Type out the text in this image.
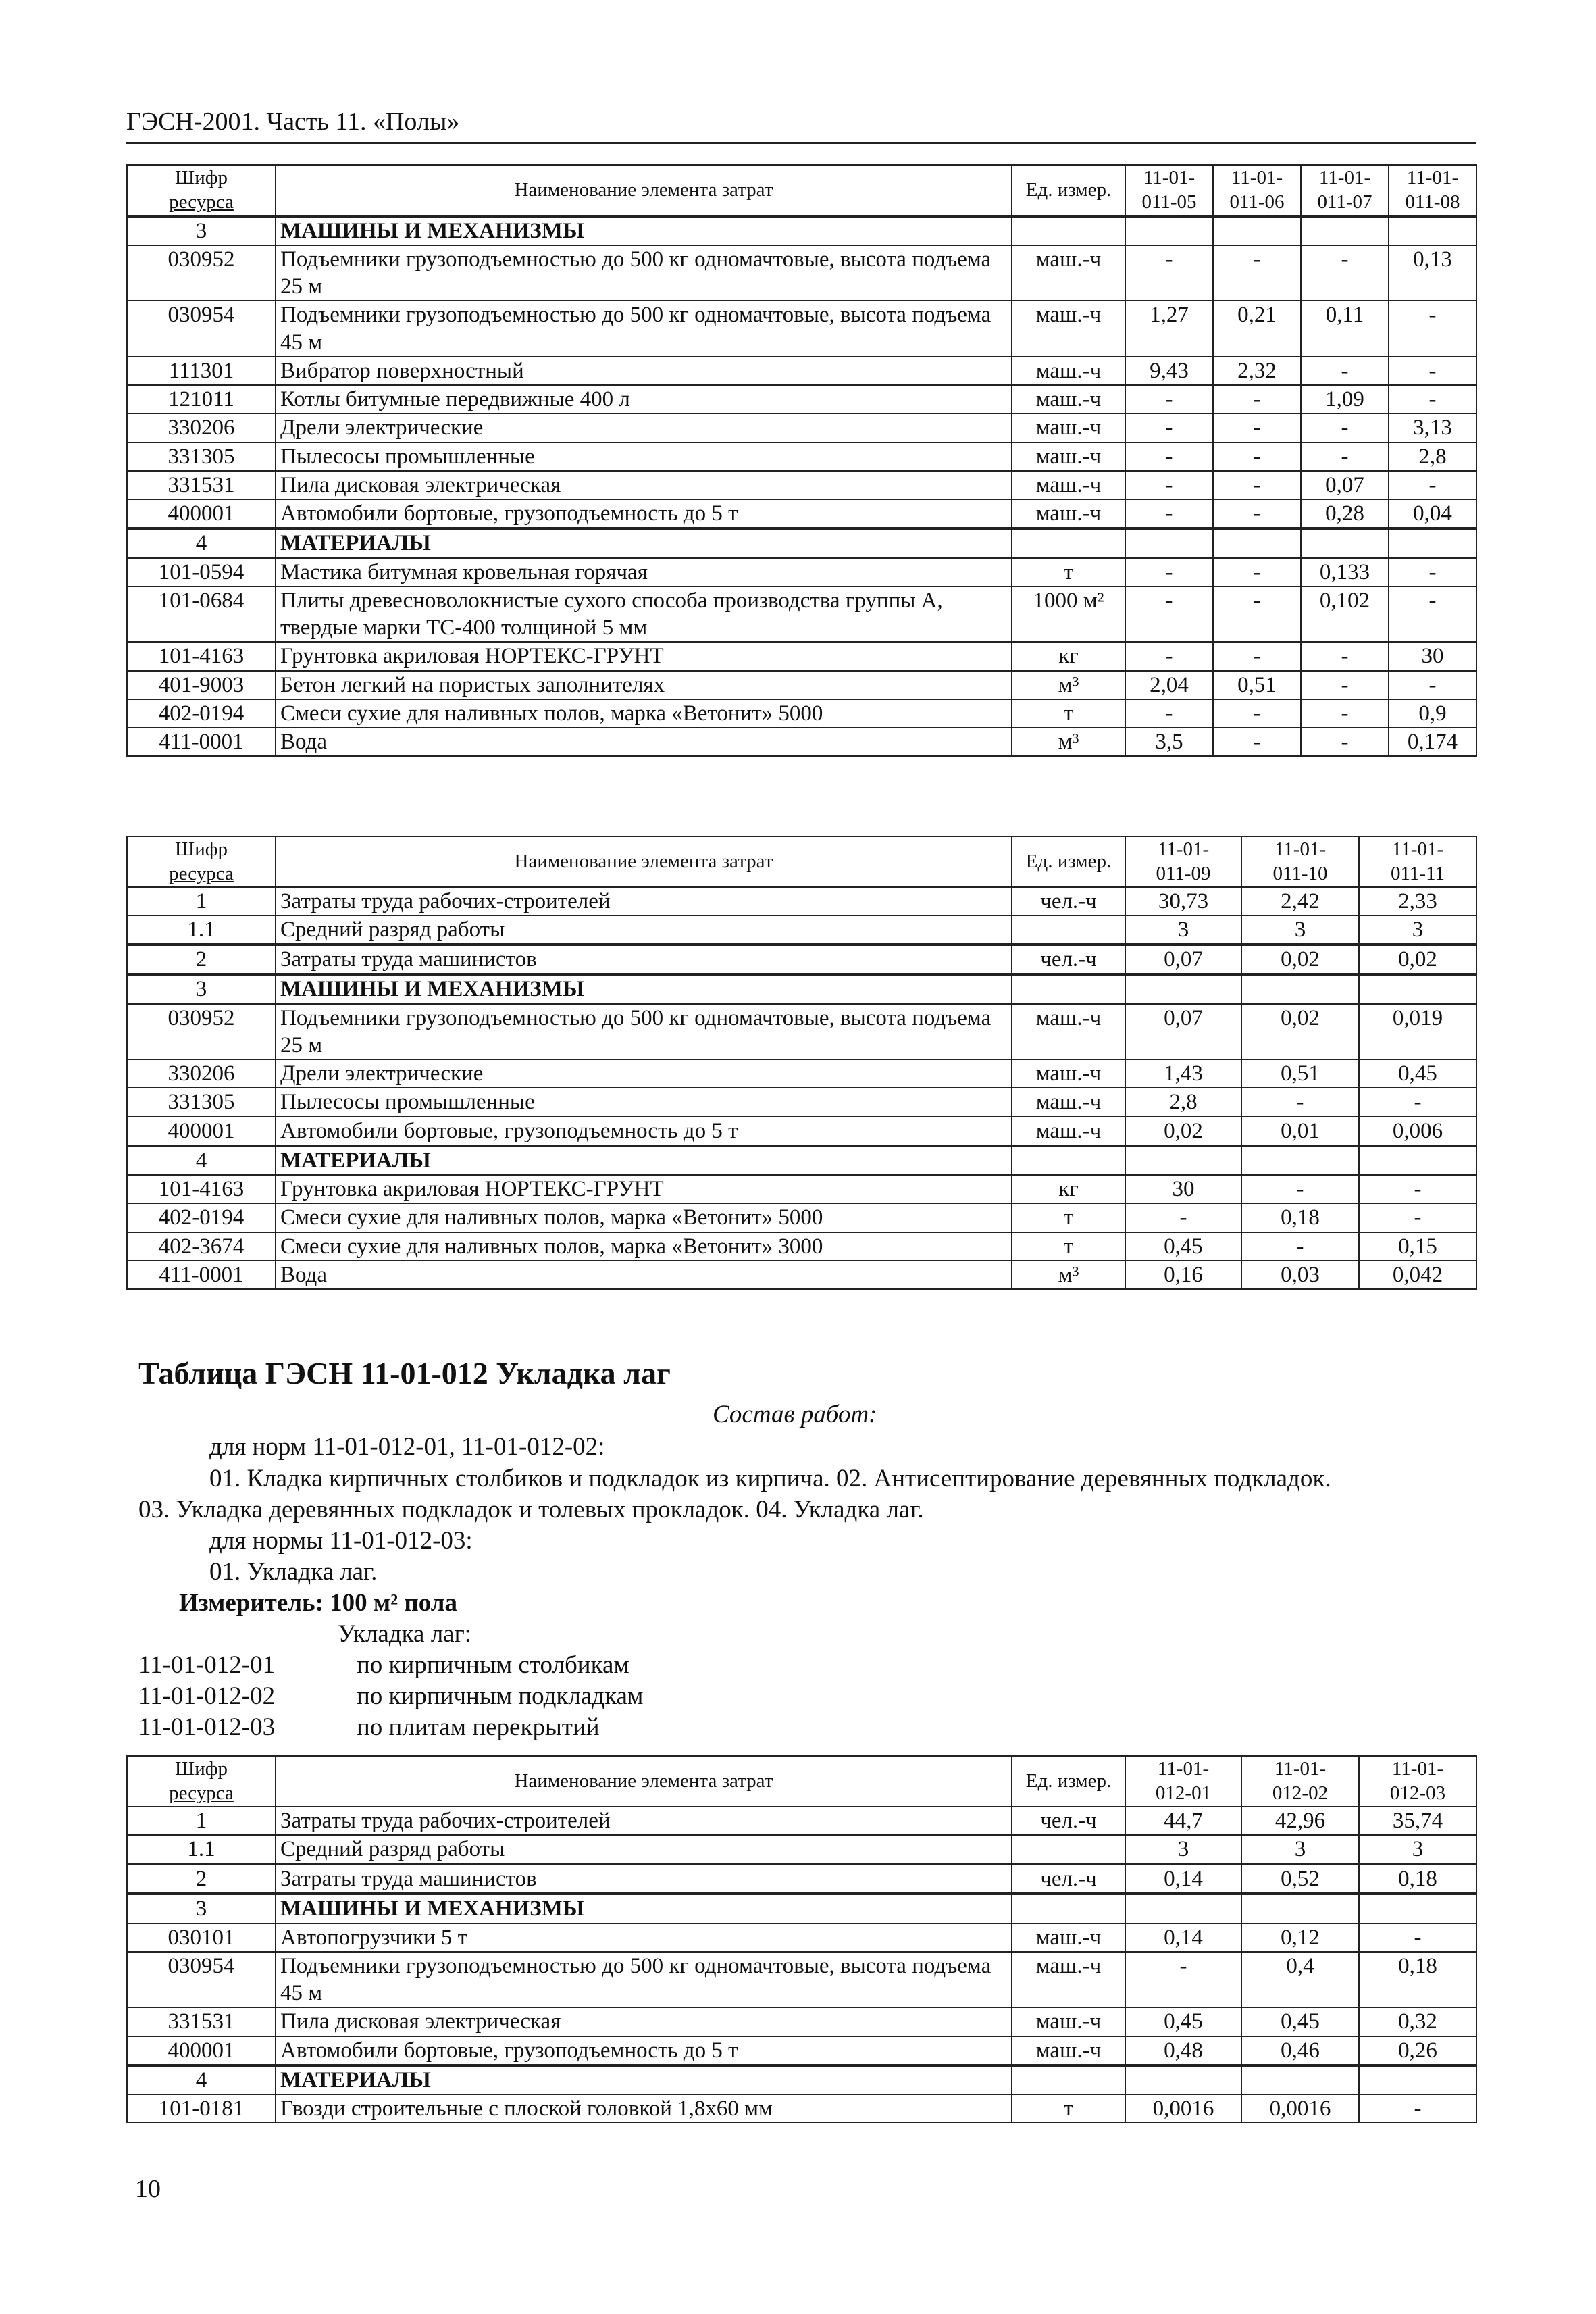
ГЭСН-2001. Часть 11. «Полы»
Шифр
ресурса	Наименование элемента затрат	Ед. измер.	11-01-
011-05	11-01-
011-06	11-01-
011-07	11-01-
011-08

3	МАШИНЫ И МЕХАНИЗМЫ					
030952	Подъемники грузоподъемностью до 500 кг одномачтовые, высота подъема 25 м	маш.-ч	-	-	-	0,13
030954	Подъемники грузоподъемностью до 500 кг одномачтовые, высота подъема 45 м	маш.-ч	1,27	0,21	0,11	-
111301	Вибратор поверхностный	маш.-ч	9,43	2,32	-	-
121011	Котлы битумные передвижные 400 л	маш.-ч	-	-	1,09	-
330206	Дрели электрические	маш.-ч	-	-	-	3,13
331305	Пылесосы промышленные	маш.-ч	-	-	-	2,8
331531	Пила дисковая электрическая	маш.-ч	-	-	0,07	-
400001	Автомобили бортовые, грузоподъемность до 5 т	маш.-ч	-	-	0,28	0,04
4	МАТЕРИАЛЫ					
101-0594	Мастика битумная кровельная горячая	т	-	-	0,133	-
101-0684	Плиты древесноволокнистые сухого способа производства группы А, твердые марки ТС-400 толщиной 5 мм	1000 м²	-	-	0,102	-
101-4163	Грунтовка акриловая НОРТЕКС-ГРУНТ	кг	-	-	-	30
401-9003	Бетон легкий на пористых заполнителях	м³	2,04	0,51	-	-
402-0194	Смеси сухие для наливных полов, марка «Ветонит» 5000	т	-	-	-	0,9
411-0001	Вода	м³	3,5	-	-	0,174
Шифр
ресурса	Наименование элемента затрат	Ед. измер.	11-01-
011-09	11-01-
011-10	11-01-
011-11

1	Затраты труда рабочих-строителей	чел.-ч	30,73	2,42	2,33
1.1	Средний разряд работы		3	3	3
2	Затраты труда машинистов	чел.-ч	0,07	0,02	0,02
3	МАШИНЫ И МЕХАНИЗМЫ				
030952	Подъемники грузоподъемностью до 500 кг одномачтовые, высота подъема 25 м	маш.-ч	0,07	0,02	0,019
330206	Дрели электрические	маш.-ч	1,43	0,51	0,45
331305	Пылесосы промышленные	маш.-ч	2,8	-	-
400001	Автомобили бортовые, грузоподъемность до 5 т	маш.-ч	0,02	0,01	0,006
4	МАТЕРИАЛЫ				
101-4163	Грунтовка акриловая НОРТЕКС-ГРУНТ	кг	30	-	-
402-0194	Смеси сухие для наливных полов, марка «Ветонит» 5000	т	-	0,18	-
402-3674	Смеси сухие для наливных полов, марка «Ветонит» 3000	т	0,45	-	0,15
411-0001	Вода	м³	0,16	0,03	0,042
Таблица ГЭСН 11-01-012 Укладка лаг
Состав работ:
для норм 11-01-012-01, 11-01-012-02:
01. Кладка кирпичных столбиков и подкладок из кирпича. 02. Антисептирование деревянных подкладок.
03. Укладка деревянных подкладок и толевых прокладок. 04. Укладка лаг.
для нормы 11-01-012-03:
01. Укладка лаг.
Измеритель: 100 м² пола
Укладка лаг:
11-01-012-01	по кирпичным столбикам
11-01-012-02	по кирпичным подкладкам
11-01-012-03	по плитам перекрытий
Шифр
ресурса	Наименование элемента затрат	Ед. измер.	11-01-
012-01	11-01-
012-02	11-01-
012-03

1	Затраты труда рабочих-строителей	чел.-ч	44,7	42,96	35,74
1.1	Средний разряд работы		3	3	3
2	Затраты труда машинистов	чел.-ч	0,14	0,52	0,18
3	МАШИНЫ И МЕХАНИЗМЫ				
030101	Автопогрузчики 5 т	маш.-ч	0,14	0,12	-
030954	Подъемники грузоподъемностью до 500 кг одномачтовые, высота подъема 45 м	маш.-ч	-	0,4	0,18
331531	Пила дисковая электрическая	маш.-ч	0,45	0,45	0,32
400001	Автомобили бортовые, грузоподъемность до 5 т	маш.-ч	0,48	0,46	0,26
4	МАТЕРИАЛЫ				
101-0181	Гвозди строительные с плоской головкой 1,8х60 мм	т	0,0016	0,0016	-
10
